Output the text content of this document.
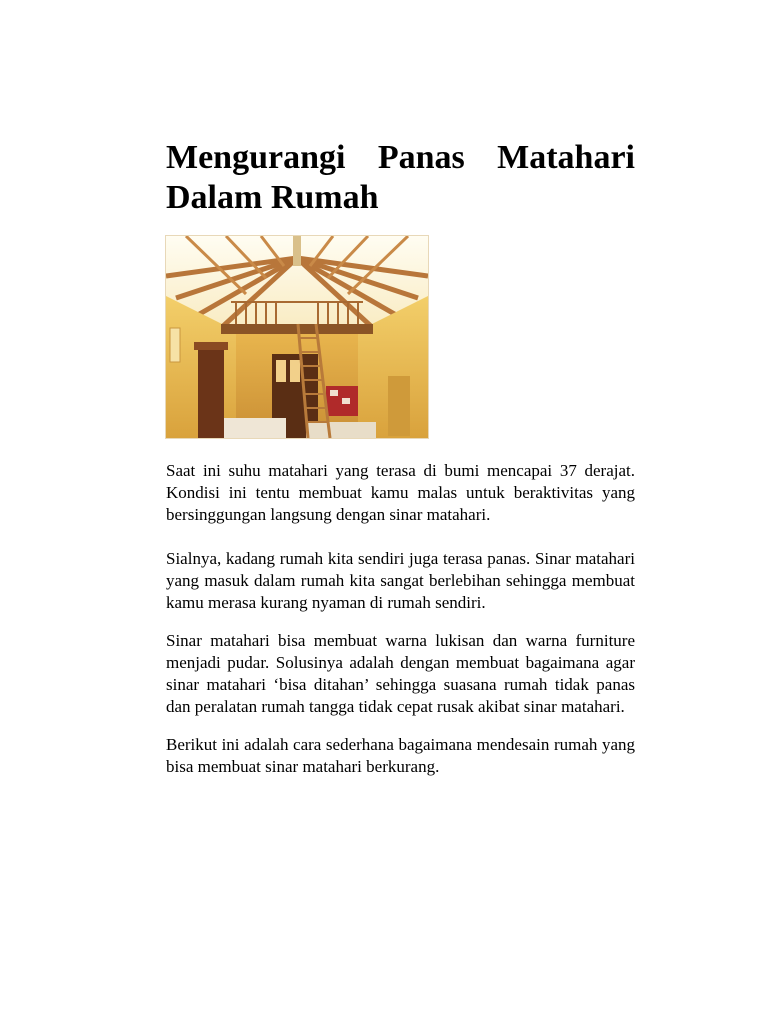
Mengurangi Panas Matahari
Dalam Rumah

Saat ini suhu matahari yang terasa di bumi mencapai 37 derajat. Kondisi ini tentu membuat kamu malas untuk beraktivitas yang bersinggungan langsung dengan sinar matahari.

Sialnya, kadang rumah kita sendiri juga terasa panas. Sinar matahari yang masuk dalam rumah kita sangat berlebihan sehingga membuat kamu merasa kurang nyaman di rumah sendiri.

Sinar matahari bisa membuat warna lukisan dan warna furniture menjadi pudar. Solusinya adalah dengan membuat bagaimana agar sinar matahari ‘bisa ditahan’ sehingga suasana rumah tidak panas dan peralatan rumah tangga tidak cepat rusak akibat sinar matahari.

Berikut ini adalah cara sederhana bagaimana mendesain rumah yang bisa membuat sinar matahari berkurang.
